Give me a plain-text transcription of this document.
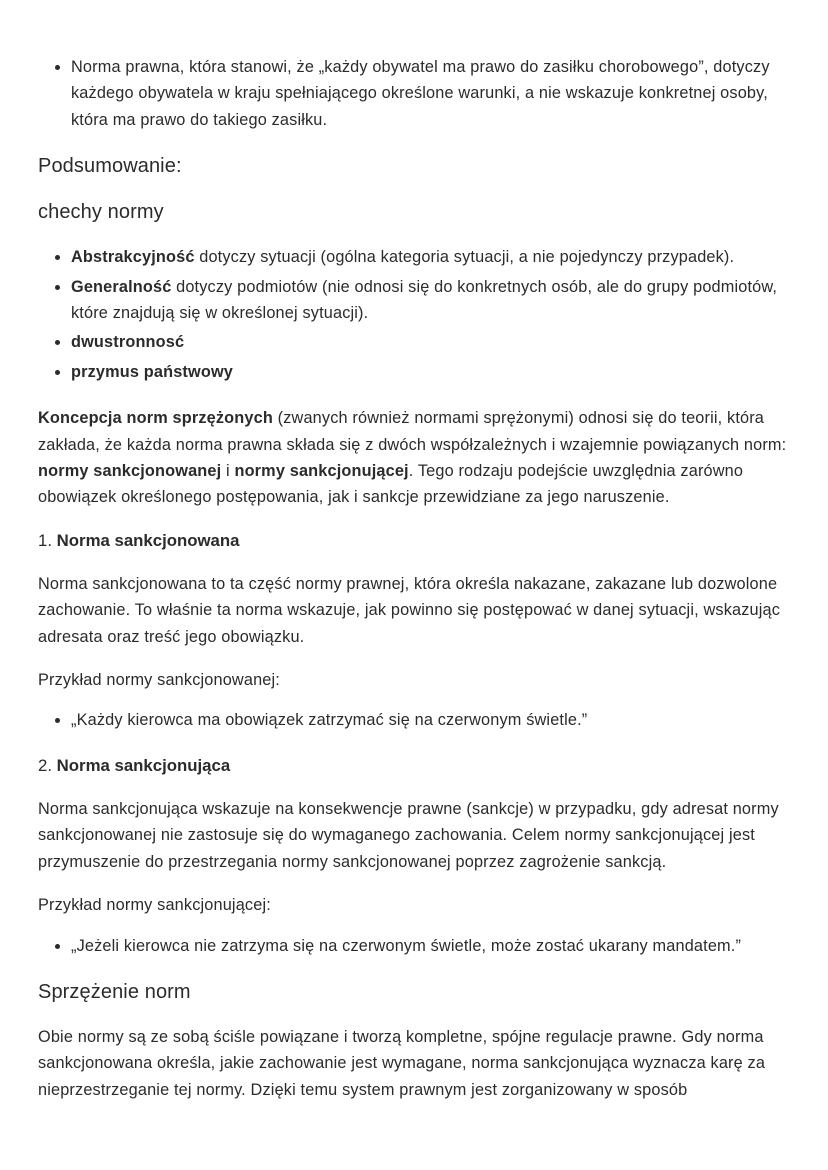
Norma prawna, która stanowi, że „każdy obywatel ma prawo do zasiłku chorobowego”, dotyczy każdego obywatela w kraju spełniającego określone warunki, a nie wskazuje konkretnej osoby, która ma prawo do takiego zasiłku.
Podsumowanie:
chechy normy
Abstrakcyjność dotyczy sytuacji (ogólna kategoria sytuacji, a nie pojedynczy przypadek).
Generalność dotyczy podmiotów (nie odnosi się do konkretnych osób, ale do grupy podmiotów, które znajdują się w określonej sytuacji).
dwustronnosć
przymus państwowy

Koncepcja norm sprzężonych (zwanych również normami sprężonymi) odnosi się do teorii, która zakłada, że każda norma prawna składa się z dwóch współzależnych i wzajemnie powiązanych norm: normy sankcjonowanej i normy sankcjonującej. Tego rodzaju podejście uwzględnia zarówno obowiązek określonego postępowania, jak i sankcje przewidziane za jego naruszenie.

1. Norma sankcjonowana

Norma sankcjonowana to ta część normy prawnej, która określa nakazane, zakazane lub dozwolone zachowanie. To właśnie ta norma wskazuje, jak powinno się postępować w danej sytuacji, wskazując adresata oraz treść jego obowiązku.

Przykład normy sankcjonowanej:

„Każdy kierowca ma obowiązek zatrzymać się na czerwonym świetle.”
2. Norma sankcjonująca

Norma sankcjonująca wskazuje na konsekwencje prawne (sankcje) w przypadku, gdy adresat normy sankcjonowanej nie zastosuje się do wymaganego zachowania. Celem normy sankcjonującej jest przymuszenie do przestrzegania normy sankcjonowanej poprzez zagrożenie sankcją.

Przykład normy sankcjonującej:

„Jeżeli kierowca nie zatrzyma się na czerwonym świetle, może zostać ukarany mandatem.”
Sprzężenie norm

Obie normy są ze sobą ściśle powiązane i tworzą kompletne, spójne regulacje prawne. Gdy norma sankcjonowana określa, jakie zachowanie jest wymagane, norma sankcjonująca wyznacza karę za nieprzestrzeganie tej normy. Dzięki temu system prawnym jest zorganizowany w sposób
